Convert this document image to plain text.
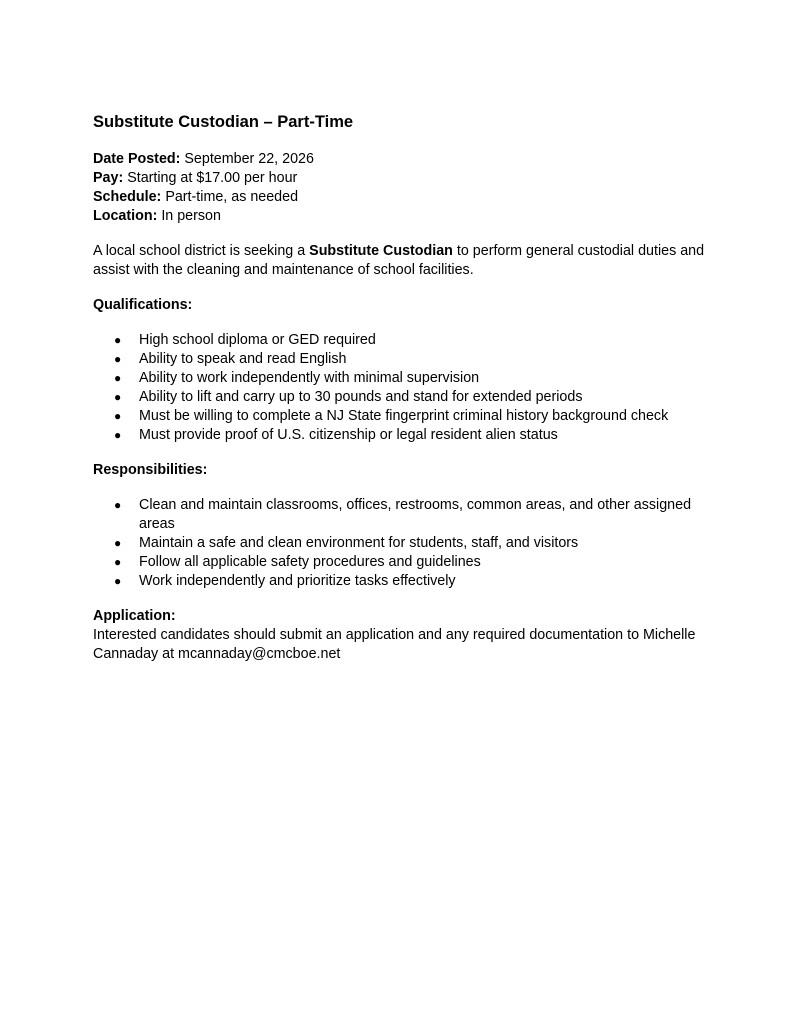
Substitute Custodian – Part-Time
Date Posted: September 22, 2026
Pay: Starting at $17.00 per hour
Schedule: Part-time, as needed
Location: In person
A local school district is seeking a Substitute Custodian to perform general custodial duties and assist with the cleaning and maintenance of school facilities.
Qualifications:
● High school diploma or GED required
● Ability to speak and read English
● Ability to work independently with minimal supervision
● Ability to lift and carry up to 30 pounds and stand for extended periods
● Must be willing to complete a NJ State fingerprint criminal history background check
● Must provide proof of U.S. citizenship or legal resident alien status
Responsibilities:
● Clean and maintain classrooms, offices, restrooms, common areas, and other assigned areas
● Maintain a safe and clean environment for students, staff, and visitors
● Follow all applicable safety procedures and guidelines
● Work independently and prioritize tasks effectively
Application:
Interested candidates should submit an application and any required documentation to Michelle Cannaday at mcannaday@cmcboe.net
